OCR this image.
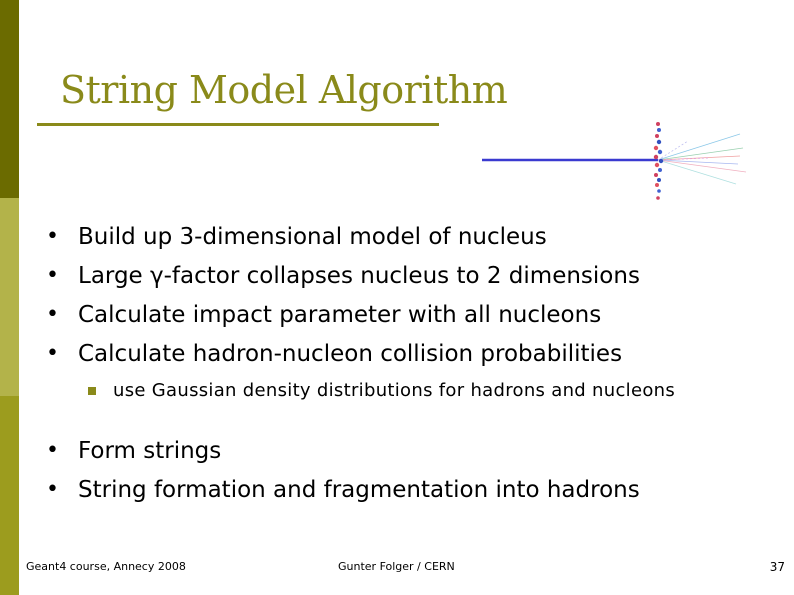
String Model Algorithm
• Build up 3-dimensional model of nucleus
• Large γ-factor collapses nucleus to 2 dimensions
• Calculate impact parameter with all nucleons
• Calculate hadron-nucleon collision probabilities
use Gaussian density distributions for hadrons and nucleons
• Form strings
• String formation and fragmentation into hadrons
Geant4 course, Annecy 2008	Gunter Folger / CERN	37
